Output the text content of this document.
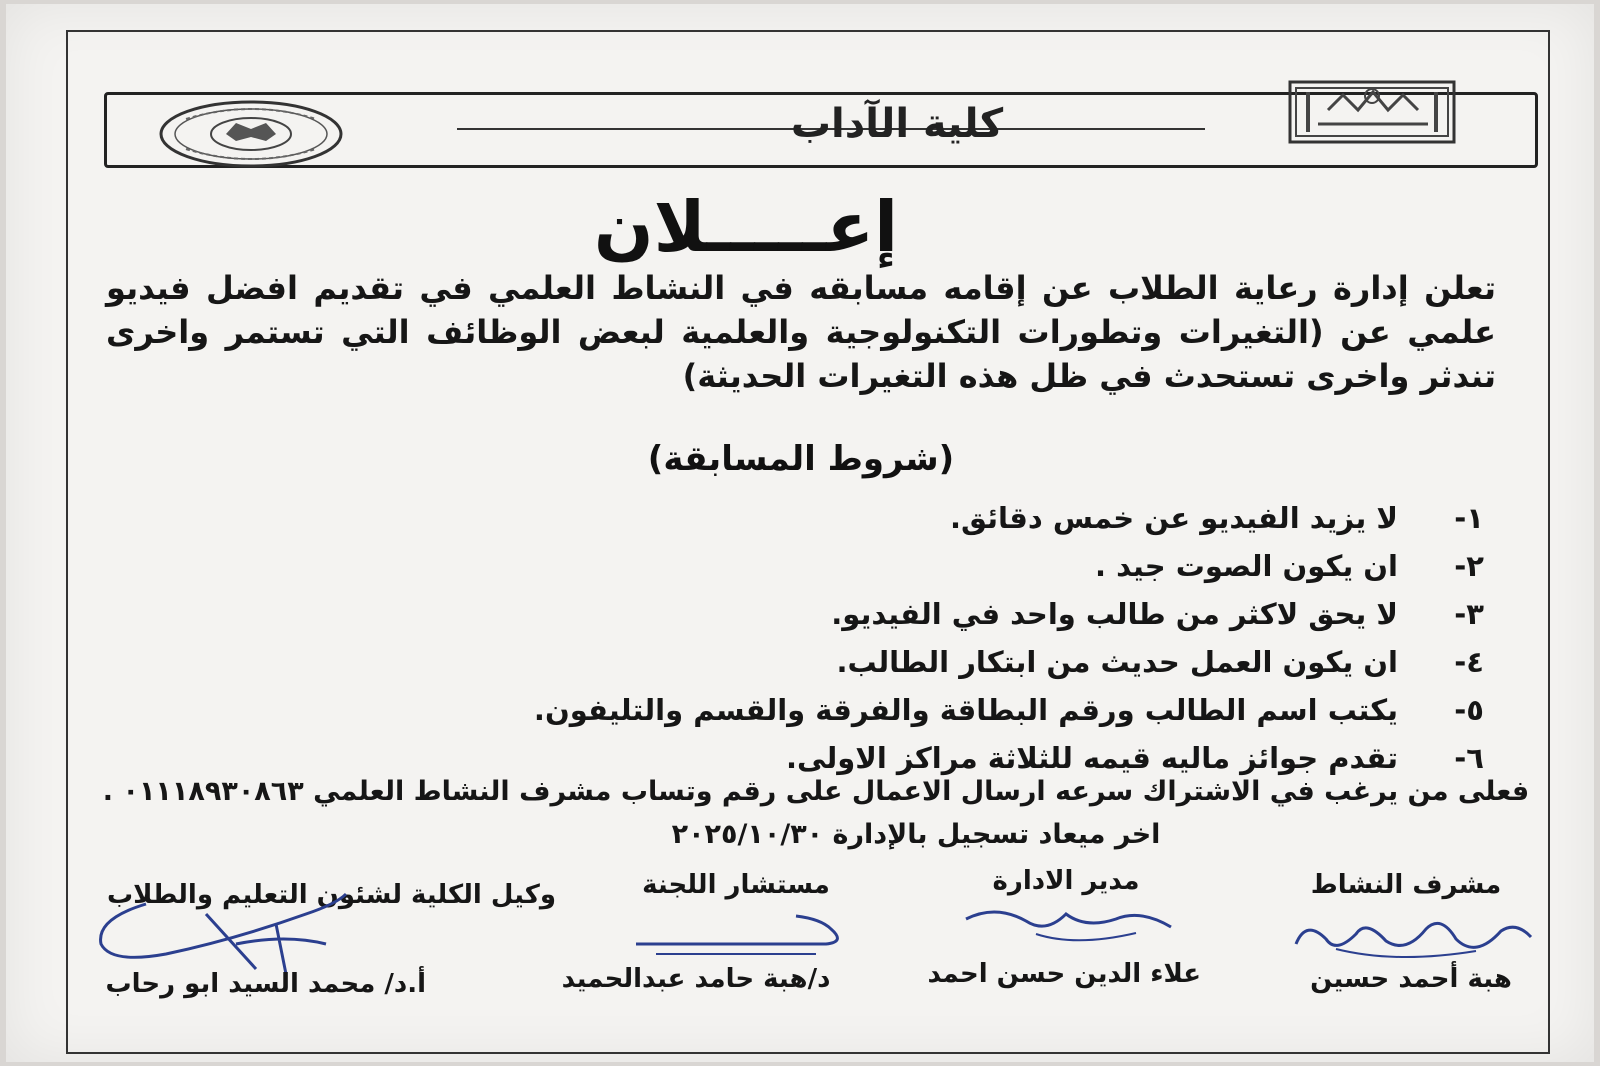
كلية الآداب
إعـــــلان
تعلن إدارة رعاية الطلاب عن إقامه مسابقه في النشاط العلمي في تقديم افضل فيديو علمي عن (التغيرات وتطورات التكنولوجية والعلمية لبعض الوظائف التي تستمر واخرى تندثر واخرى تستحدث في ظل هذه التغيرات الحديثة)
(شروط المسابقة)
١-لا يزيد الفيديو عن خمس دقائق.
٢-ان يكون الصوت جيد .
٣-لا يحق لاكثر من طالب واحد في الفيديو.
٤-ان يكون العمل حديث من ابتكار الطالب.
٥-يكتب اسم الطالب ورقم البطاقة والفرقة والقسم والتليفون.
٦-تقدم جوائز ماليه قيمه للثلاثة مراكز الاولى.
فعلى من يرغب في الاشتراك سرعه ارسال الاعمال على رقم وتساب مشرف النشاط العلمي ٠١١١٨٩٣٠٨٦٣ .
اخر ميعاد تسجيل بالإدارة ٢٠٢٥/١٠/٣٠
مشرف النشاط
مدير الادارة
مستشار اللجنة
وكيل الكلية لشئون التعليم والطلاب
هبة أحمد حسين
علاء الدين حسن احمد
د/هبة حامد عبدالحميد
أ.د/ محمد السيد ابو رحاب
